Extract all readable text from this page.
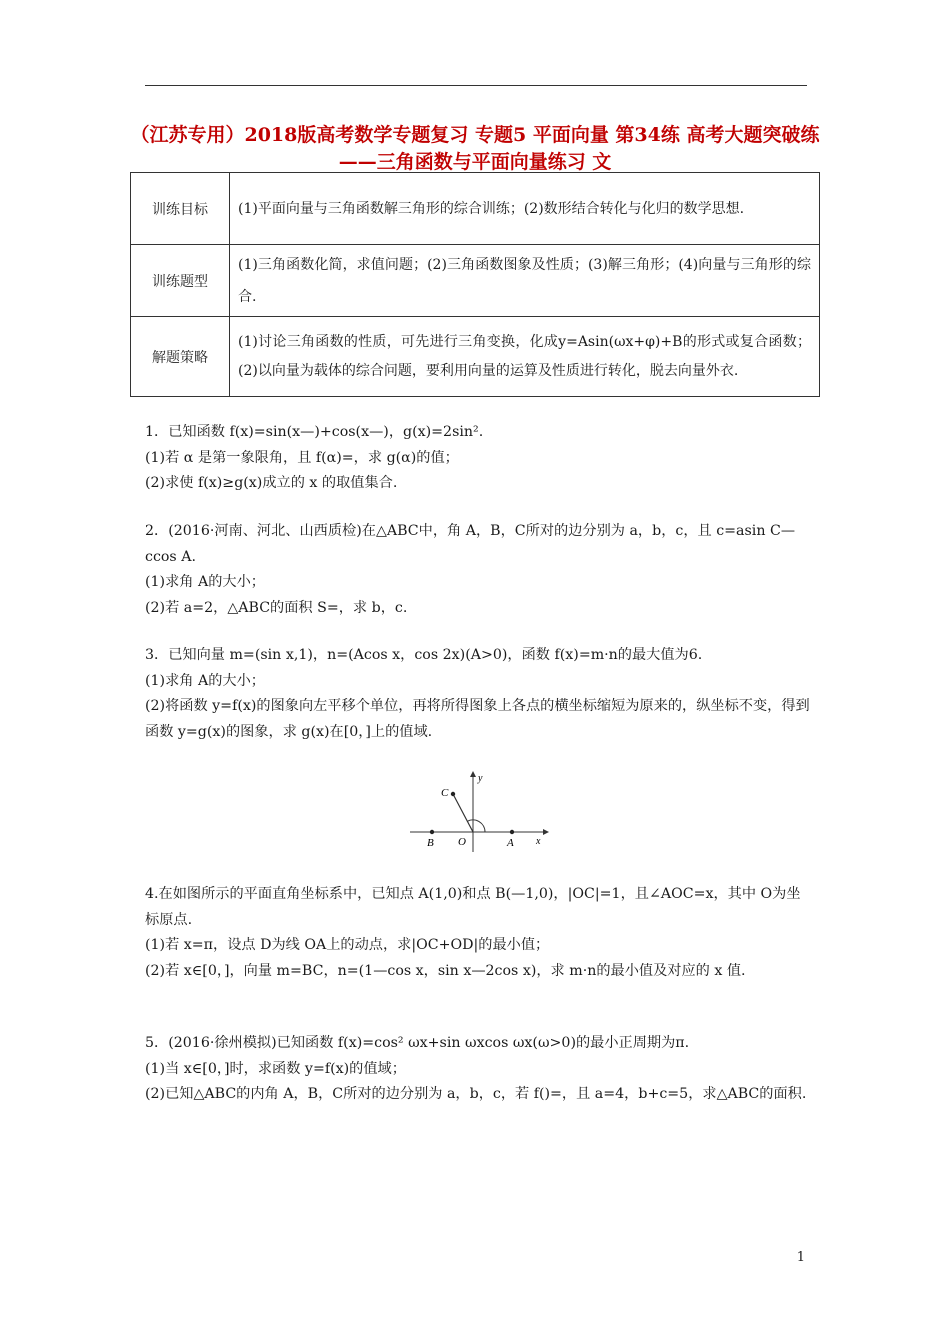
（江苏专用）2018版高考数学专题复习 专题5 平面向量 第34练 高考大题突破练——三角函数与平面向量练习 文
训练目标	(1)平面向量与三角函数解三角形的综合训练；(2)数形结合转化与化归的数学思想.
训练题型	(1)三角函数化简，求值问题；(2)三角函数图象及性质；(3)解三角形；(4)向量与三角形的综合.
解题策略	(1)讨论三角函数的性质，可先进行三角变换，化成y=Asin(ωx+φ)+B的形式或复合函数；(2)以向量为载体的综合问题，要利用向量的运算及性质进行转化，脱去向量外衣.

1．已知函数 f(x)=sin(x—)+cos(x—)，g(x)=2sin².

(1)若 α 是第一象限角，且 f(α)=，求 g(α)的值；

(2)求使 f(x)≥g(x)成立的 x 的取值集合.

2．(2016·河南、河北、山西质检)在△ABC中，角 A，B，C所对的边分别为 a，b，c，且 c=asin C—ccos A.

(1)求角 A的大小；

(2)若 a=2，△ABC的面积 S=，求 b，c.

3．已知向量 m=(sin x,1)，n=(Acos x，cos 2x)(A>0)，函数 f(x)=m·n的最大值为6.

(1)求角 A的大小；

(2)将函数 y=f(x)的图象向左平移个单位，再将所得图象上各点的横坐标缩短为原来的，纵坐标不变，得到函数 y=g(x)的图象，求 g(x)在[0，]上的值域.

C
y
B O	A x

4.在如图所示的平面直角坐标系中，已知点 A(1,0)和点 B(—1,0)，|OC|=1，且∠AOC=x，其中 O为坐标原点.

(1)若 x=π，设点 D为线 OA上的动点，求|OC+OD|的最小值；

(2)若 x∈[0，]，向量 m=BC，n=(1—cos x，sin x—2cos x)，求 m·n的最小值及对应的 x 值.

5．(2016·徐州模拟)已知函数 f(x)=cos² ωx+sin ωxcos ωx(ω>0)的最小正周期为π.

(1)当 x∈[0，]时，求函数 y=f(x)的值域；

(2)已知△ABC的内角 A，B，C所对的边分别为 a，b，c，若 f()=，且 a=4，b+c=5，求△ABC的面积.

1
